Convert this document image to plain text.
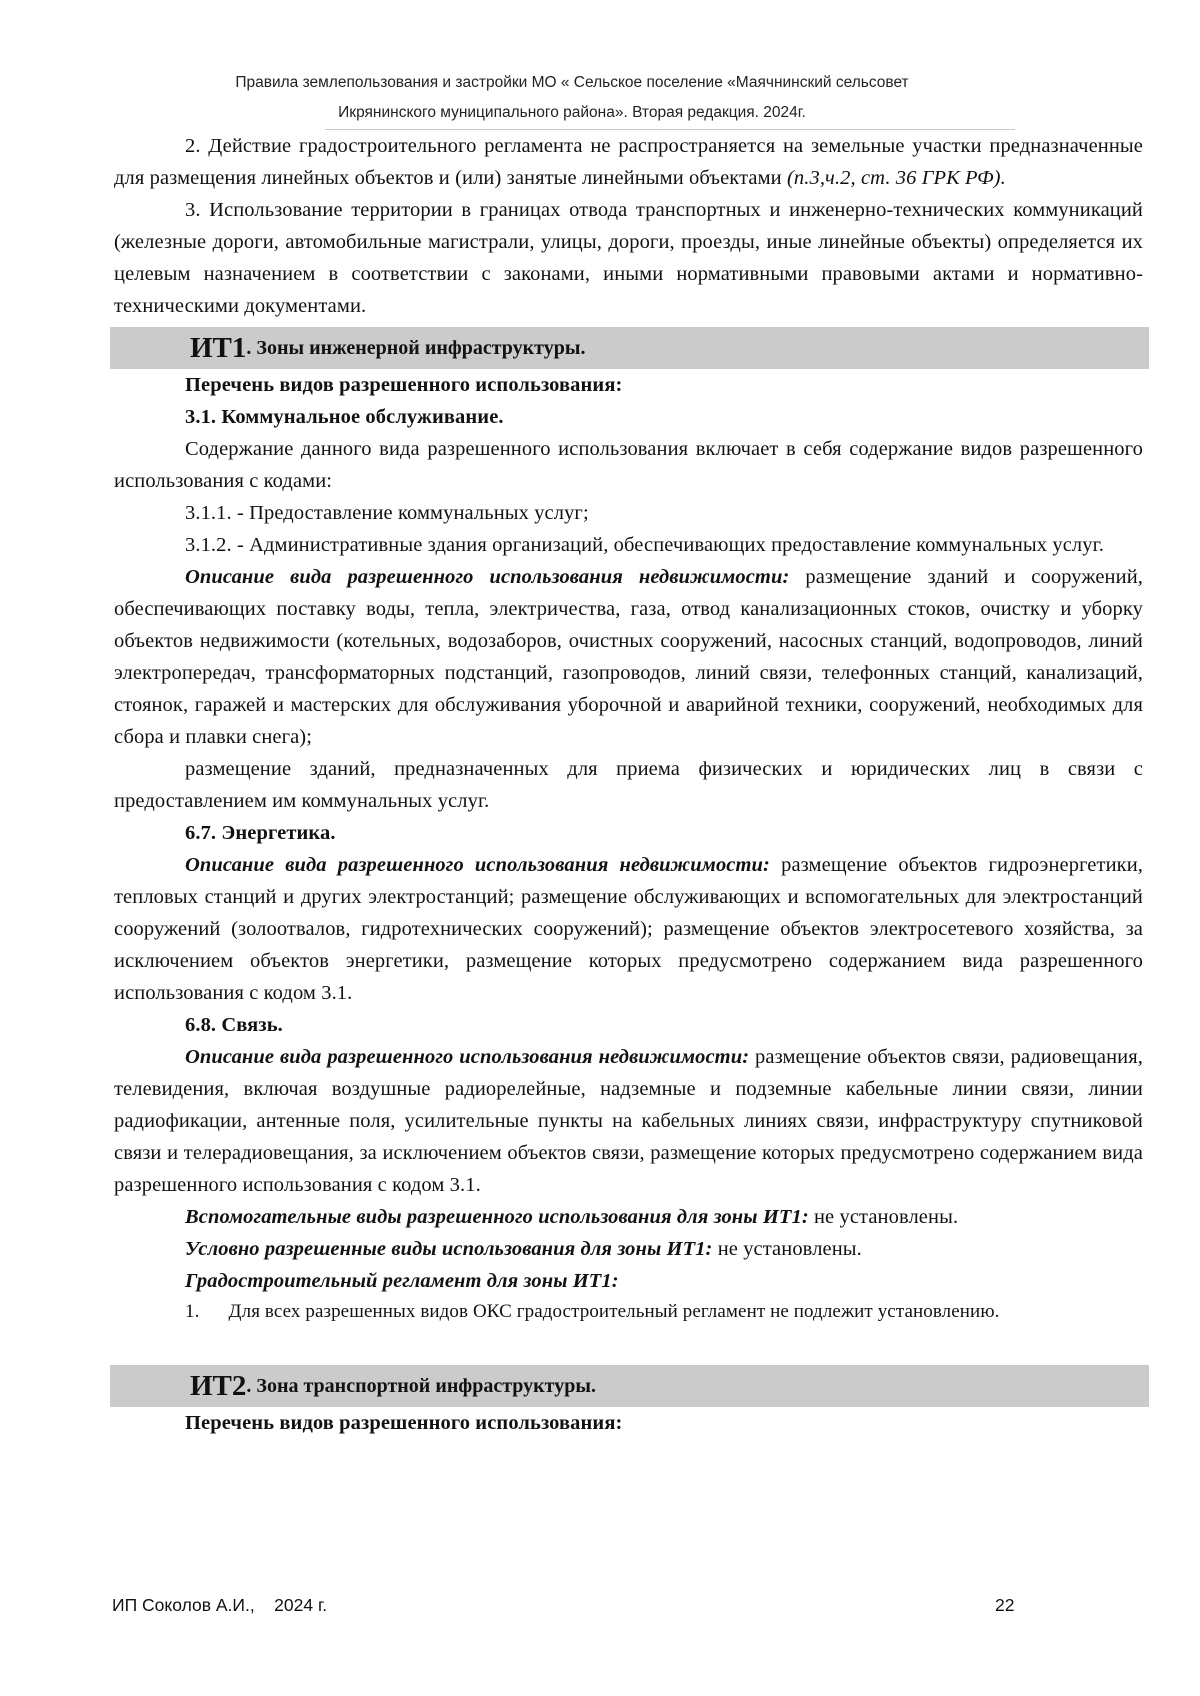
Правила землепользования и застройки МО « Сельское поселение «Маячнинский сельсовет
Икрянинского муниципального района». Вторая редакция. 2024г.

2. Действие градостроительного регламента не распространяется на земельные участки предназначенные для размещения линейных объектов и (или) занятые линейными объектами (п.3,ч.2, ст. 36 ГРК РФ).

3. Использование территории в границах отвода транспортных и инженерно-технических коммуникаций (железные дороги, автомобильные магистрали, улицы, дороги, проезды, иные линейные объекты) определяется их целевым назначением в соответствии с законами, иными нормативными правовыми актами и нормативно-техническими документами.

ИТ1 . Зоны инженерной инфраструктуры.

Перечень видов разрешенного использования:

3.1. Коммунальное обслуживание.

Содержание данного вида разрешенного использования включает в себя содержание видов разрешенного использования с кодами:

3.1.1. - Предоставление коммунальных услуг;

3.1.2. - Административные здания организаций, обеспечивающих предоставление коммунальных услуг.

Описание вида разрешенного использования недвижимости: размещение зданий и сооружений, обеспечивающих поставку воды, тепла, электричества, газа, отвод канализационных стоков, очистку и уборку объектов недвижимости (котельных, водозаборов, очистных сооружений, насосных станций, водопроводов, линий электропередач, трансформаторных подстанций, газопроводов, линий связи, телефонных станций, канализаций, стоянок, гаражей и мастерских для обслуживания уборочной и аварийной техники, сооружений, необходимых для сбора и плавки снега);

размещение зданий, предназначенных для приема физических и юридических лиц в связи с предоставлением им коммунальных услуг.

6.7. Энергетика.

Описание вида разрешенного использования недвижимости: размещение объектов гидроэнергетики, тепловых станций и других электростанций; размещение обслуживающих и вспомогательных для электростанций сооружений (золоотвалов, гидротехнических сооружений); размещение объектов электросетевого хозяйства, за исключением объектов энергетики, размещение которых предусмотрено содержанием вида разрешенного использования с кодом 3.1.

6.8. Связь.

Описание вида разрешенного использования недвижимости: размещение объектов связи, радиовещания, телевидения, включая воздушные радиорелейные, надземные и подземные кабельные линии связи, линии радиофикации, антенные поля, усилительные пункты на кабельных линиях связи, инфраструктуру спутниковой связи и телерадиовещания, за исключением объектов связи, размещение которых предусмотрено содержанием вида разрешенного использования с кодом 3.1.

Вспомогательные виды разрешенного использования для зоны ИТ1: не установлены.

Условно разрешенные виды использования для зоны ИТ1: не установлены.

Градостроительный регламент для зоны ИТ1:

1.      Для всех разрешенных видов ОКС градостроительный регламент не подлежит установлению.

ИТ2 . Зона транспортной инфраструктуры.

Перечень видов разрешенного использования:

ИП Соколов А.И.,    2024 г.	22
